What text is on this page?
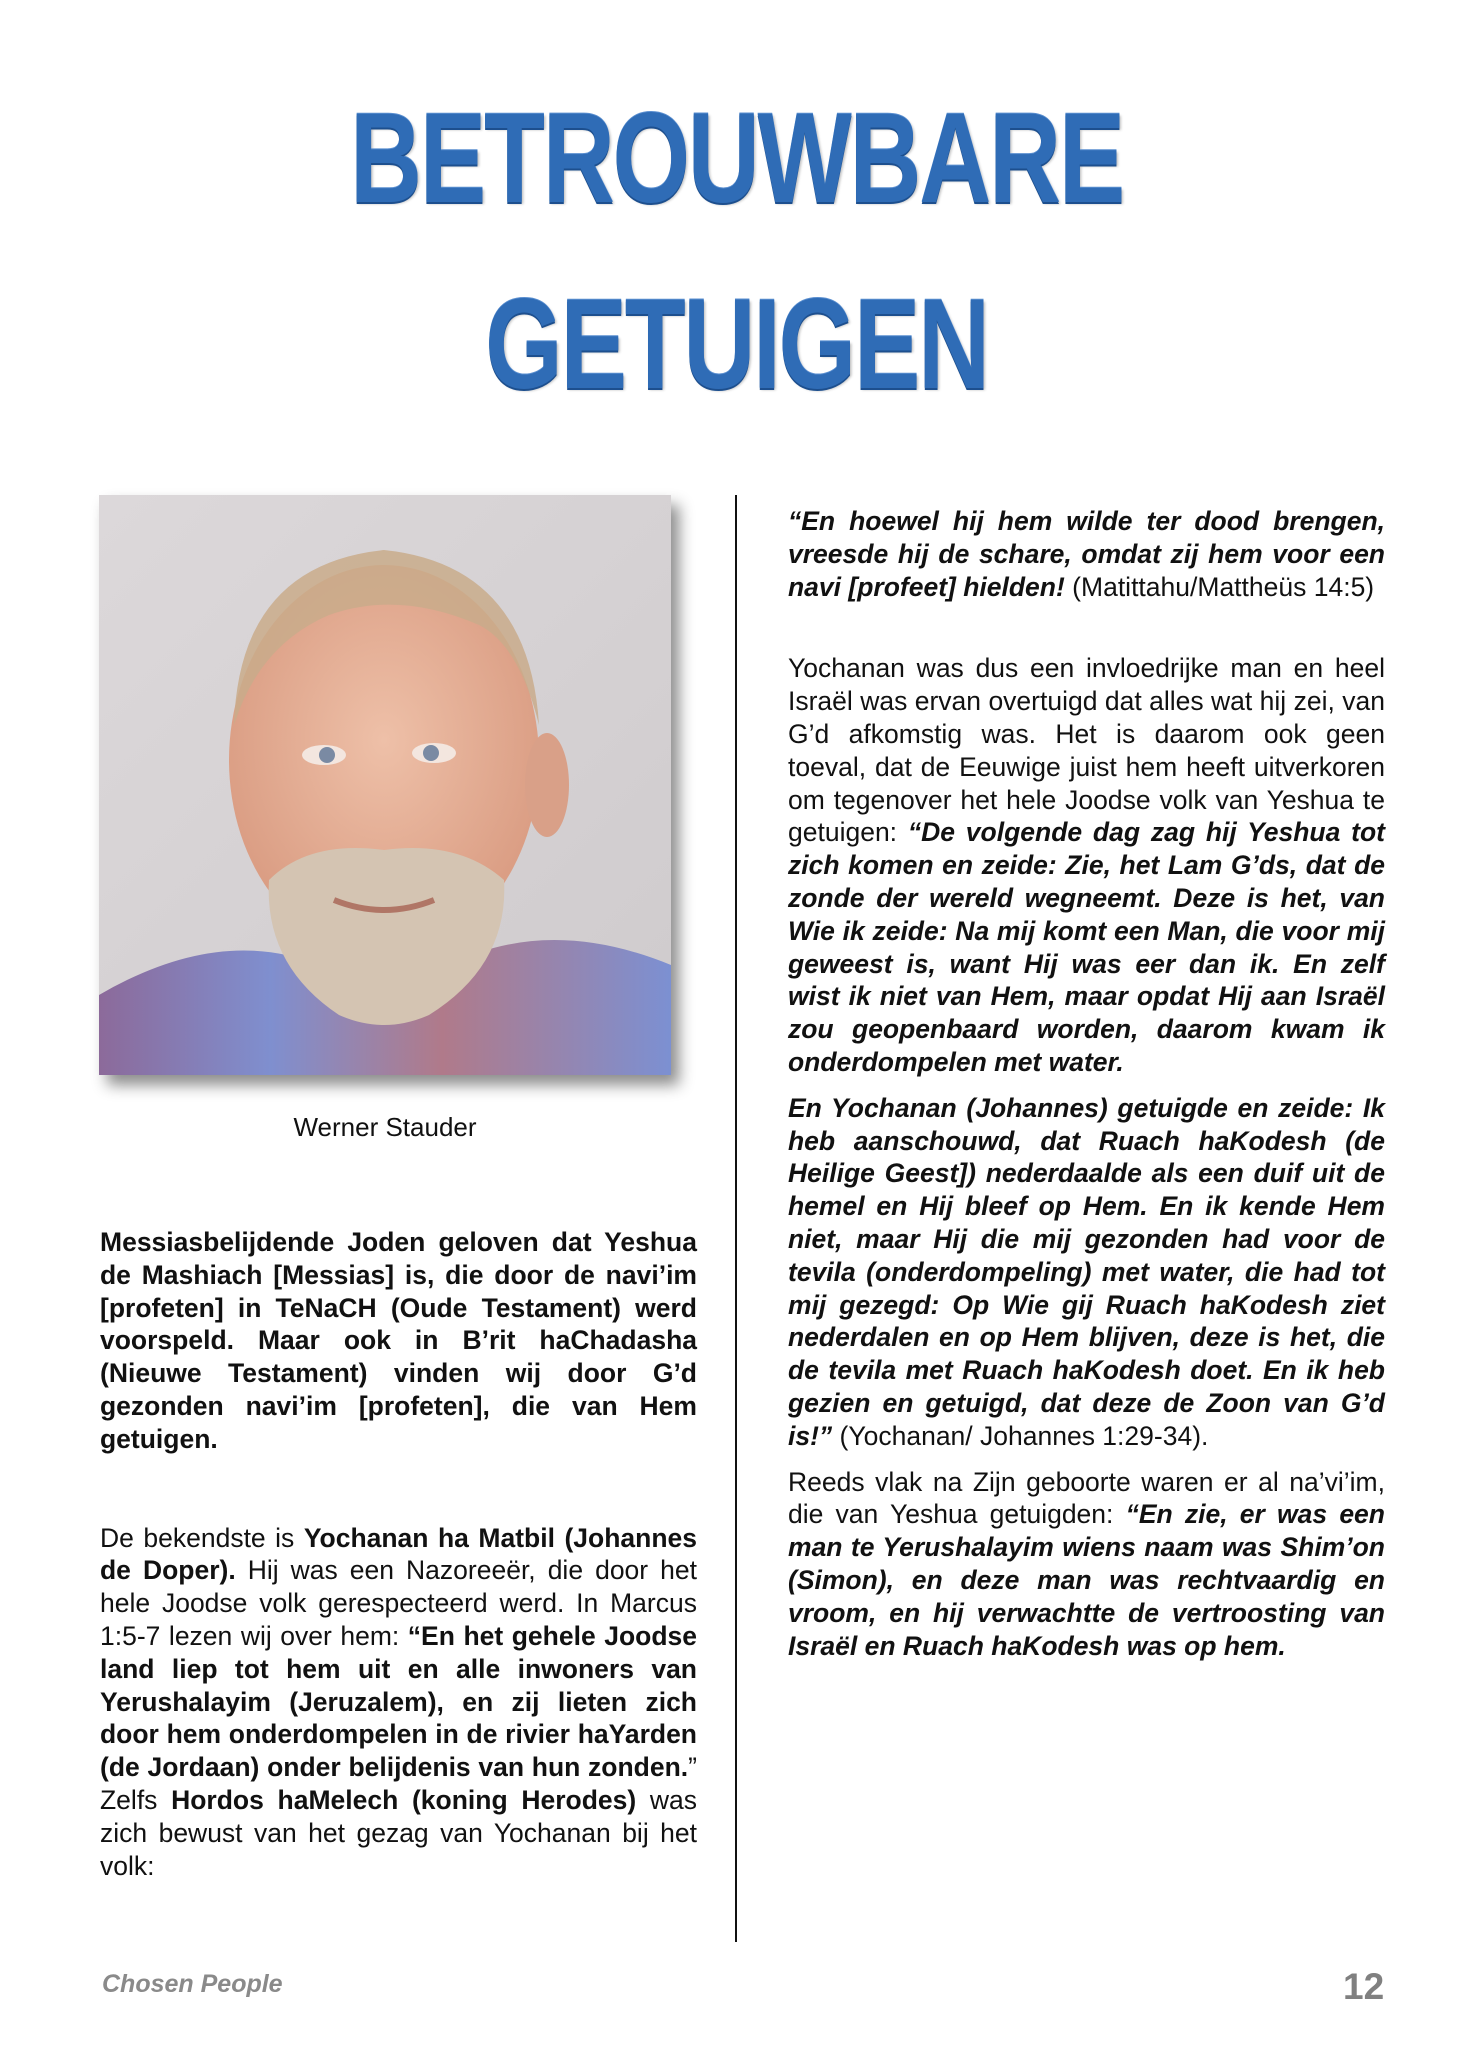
BETROUWBARE
GETUIGEN
Werner Stauder

Messiasbelijdende Joden geloven dat Yeshua de Mashiach [Messias] is, die door de navi’im [profeten] in TeNaCH (Oude Testament) werd voorspeld. Maar ook in B’rit haChadasha (Nieuwe Testament) vinden wij door G’d gezonden navi’im [profeten], die van Hem getuigen.

De bekendste is Yochanan ha Matbil (Johannes de Doper). Hij was een Nazoreeër, die door het hele Joodse volk gerespecteerd werd. In Marcus 1:5-7 lezen wij over hem: “En het gehele Joodse land liep tot hem uit en alle inwoners van Yerushalayim (Jeruzalem), en zij lieten zich door hem onderdompelen in de rivier haYarden (de Jordaan) onder belijdenis van hun zonden.” Zelfs Hordos haMelech (koning Herodes) was zich bewust van het gezag van Yochanan bij het volk:

“En hoewel hij hem wilde ter dood brengen, vreesde hij de schare, omdat zij hem voor een navi [profeet] hielden! (Matittahu/Mattheüs 14:5)

Yochanan was dus een invloedrijke man en heel Israël was ervan overtuigd dat alles wat hij zei, van G’d afkomstig was. Het is daarom ook geen toeval, dat de Eeuwige juist hem heeft uitverkoren om tegenover het hele Joodse volk van Yeshua te getuigen: “De volgende dag zag hij Yeshua tot zich komen en zeide: Zie, het Lam G’ds, dat de zonde der wereld wegneemt. Deze is het, van Wie ik zeide: Na mij komt een Man, die voor mij geweest is, want Hij was eer dan ik. En zelf wist ik niet van Hem, maar opdat Hij aan Israël zou geopenbaard worden, daarom kwam ik onderdompelen met water.

En Yochanan (Johannes) getuigde en zeide: Ik heb aanschouwd, dat Ruach haKodesh (de Heilige Geest]) nederdaalde als een duif uit de hemel en Hij bleef op Hem. En ik kende Hem niet, maar Hij die mij gezonden had voor de tevila (onderdompeling) met water, die had tot mij gezegd: Op Wie gij Ruach haKodesh ziet nederdalen en op Hem blijven, deze is het, die de tevila met Ruach haKodesh doet. En ik heb gezien en getuigd, dat deze de Zoon van G’d is!” (Yochanan/ Johannes 1:29-34).

Reeds vlak na Zijn geboorte waren er al na’vi’im, die van Yeshua getuigden: “En zie, er was een man te Yerushalayim wiens naam was Shim’on (Simon), en deze man was rechtvaardig en vroom, en hij verwachtte de vertroosting van Israël en Ruach haKodesh was op hem.

Chosen People	12
